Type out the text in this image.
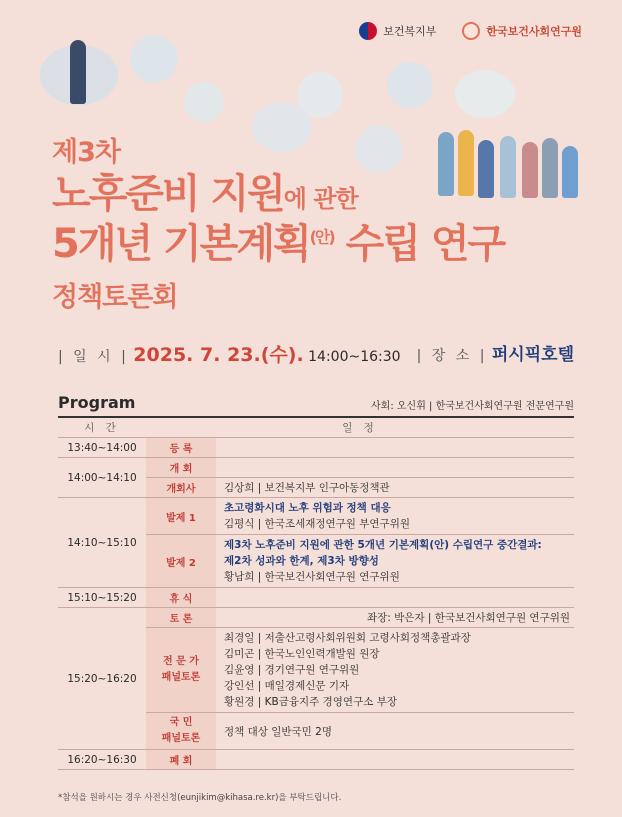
보건복지부	한국보건사회연구원
제3차
노후준비 지원에 관한
5개년 기본계획$^{(안)}$ 수립 연구
정책토론회
| 일 시 | 2025. 7. 23.(수). 14:00~16:30 | 장 소 | 퍼시픽호텔
Program	사회: 오신휘 | 한국보건사회연구원 전문연구원
시 간	일 정	
13:40~14:00	등 록	
14:00~14:10	개 회	
	개회사	김상희 | 보건복지부 인구아동정책관
14:10~15:10	발제 1	초고령화시대 노후 위험과 정책 대응
김평식 | 한국조세재정연구원 부연구위원

	발제 2	제3차 노후준비 지원에 관한 5개년 기본계획(안) 수립연구 중간결과:
제2차 성과와 한계, 제3차 방향성
황남희 | 한국보건사회연구원 연구위원

15:10~15:20	휴 식	
15:20~16:20	토 론	좌장: 박은자 | 한국보건사회연구원 연구위원

	전 문 가
패널토론	최경일 | 저출산고령사회위원회 고령사회정책총괄과장
김미곤 | 한국노인인력개발원 원장
김윤영 | 경기연구원 연구위원
강인선 | 매일경제신문 기자
황원경 | KB금융지주 경영연구소 부장

	국 민
패널토론	정책 대상 일반국민 2명
16:20~16:30	폐 회	
*참석을 원하시는 경우 사전신청(eunjikim@kihasa.re.kr)을 부탁드립니다.
